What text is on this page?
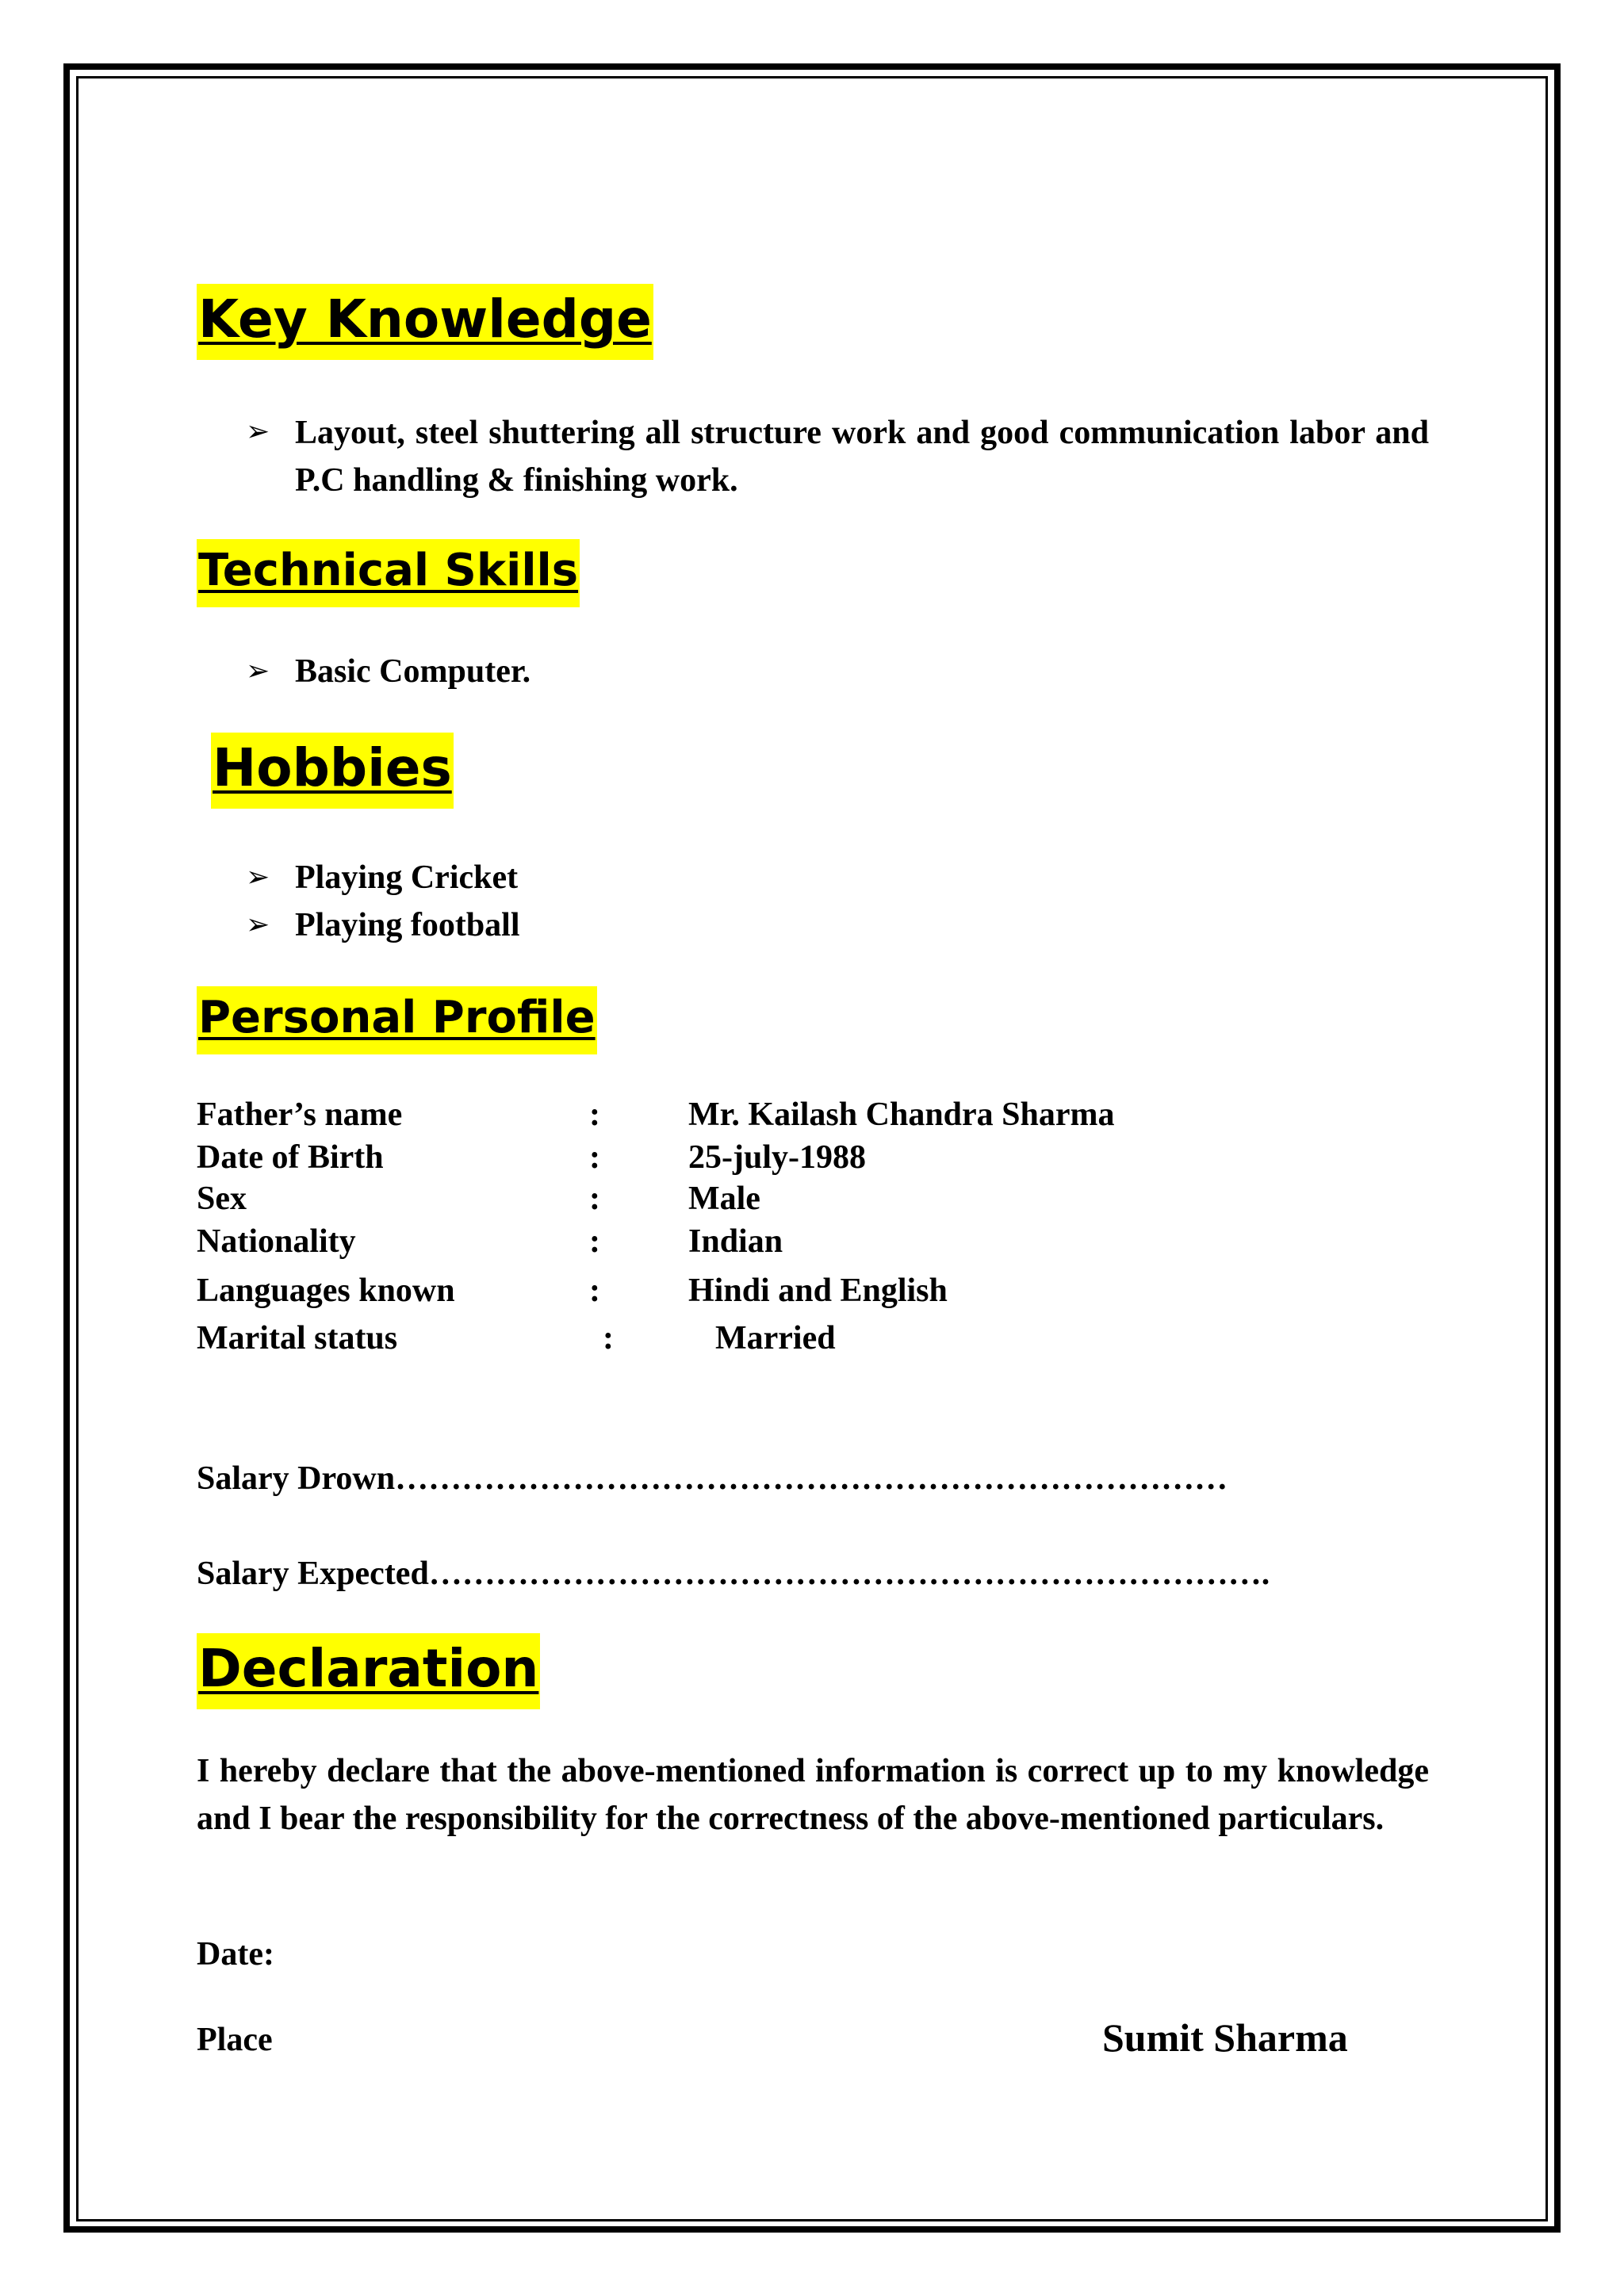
Key Knowledge
➢ Layout, steel shuttering all structure work and good communication labor and P.C handling & finishing work.
Technical Skills
➢ Basic Computer.
Hobbies
➢ Playing Cricket
➢ Playing football
Personal Profile
Father’s name	:	Mr. Kailash Chandra Sharma
Date of Birth	:	25-july-1988
Sex	:	Male
Nationality	:	Indian
Languages known	:	Hindi and English
Marital status	:	Married
Salary Drown…………………………………………………………………
Salary Expected………………………………………………………………….
Declaration
I hereby declare that the above-mentioned information is correct up to my knowledge and I bear the responsibility for the correctness of the above-mentioned particulars.
Date:
Place	Sumit Sharma
